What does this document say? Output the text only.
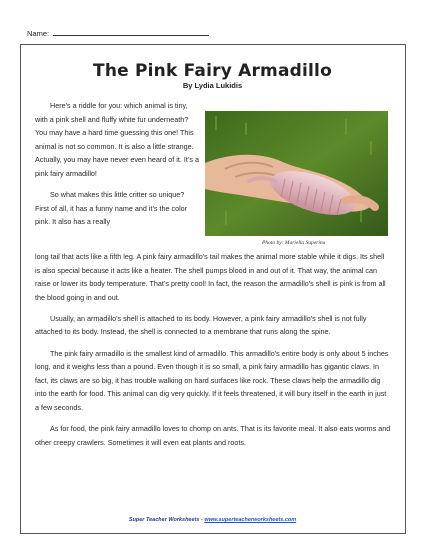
Name:
The Pink Fairy Armadillo
By Lydia Lukidis
Photo by: Mariella Superina

Here’s a riddle for you: which animal is tiny, with a pink shell and fluffy white fur underneath? You may have a hard time guessing this one! This animal is not so common. It is also a little strange. Actually, you may have never even heard of it. It’s a pink fairy armadillo!

So what makes this little critter so unique? First of all, it has a funny name and it’s the color pink. It also has a really

long tail that acts like a fifth leg. A pink fairy armadillo's tail makes the animal more stable while it digs. Its shell is also special because it acts like a heater. The shell pumps blood in and out of it. That way, the animal can raise or lower its body temperature. That’s pretty cool! In fact, the reason the armadillo's shell is pink is from all the blood going in and out.

Usually, an armadillo's shell is attached to its body. However, a pink fairy armadillo's shell is not fully attached to its body. Instead, the shell is connected to a membrane that runs along the spine.

The pink fairy armadillo is the smallest kind of armadillo. This armadillo's entire body is only about 5 inches long, and it weighs less than a pound. Even though it is so small, a pink fairy armadillo has gigantic claws. In fact, its claws are so big, it has trouble walking on hard surfaces like rock. These claws help the armadillo dig into the earth for food. This animal can dig very quickly. If it feels threatened, it will bury itself in the earth in just a few seconds.

As for food, the pink fairy armadillo loves to chomp on ants. That is its favorite meal. It also eats worms and other creepy crawlers. Sometimes it will even eat plants and roots.

Super Teacher Worksheets - www.superteacherworksheets.com
